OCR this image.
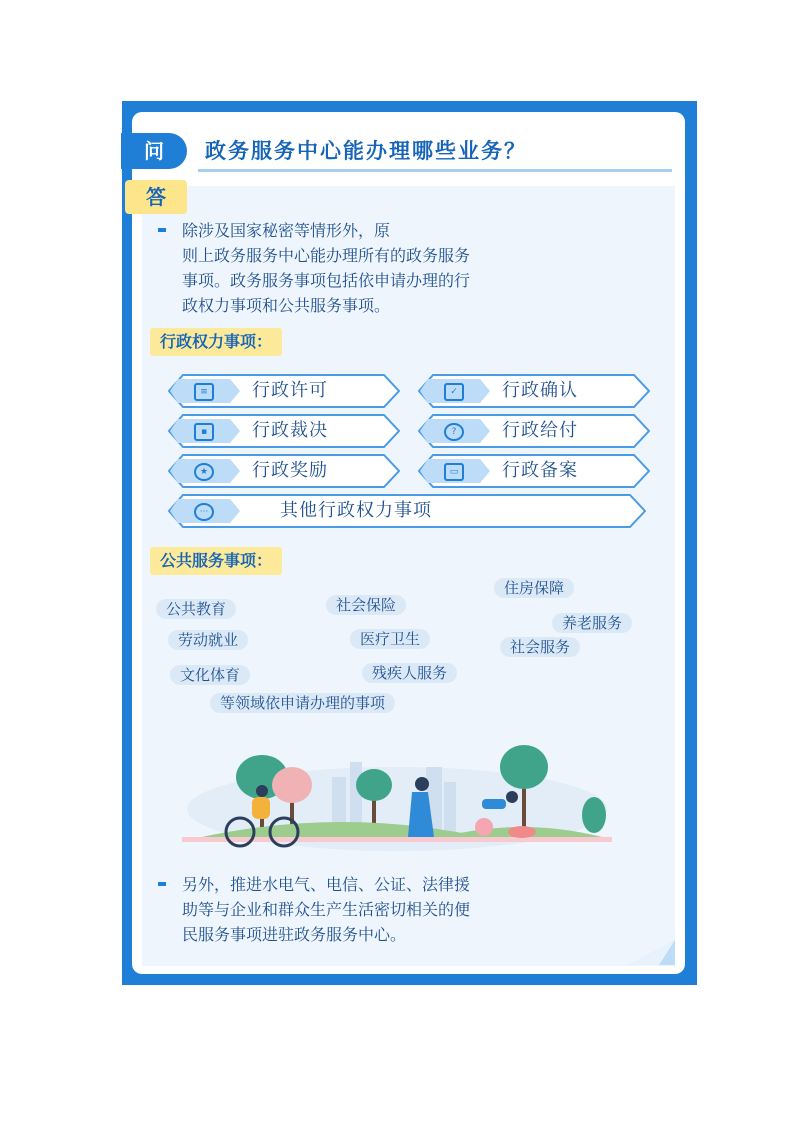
问	政务服务中心能办理哪些业务？
答
除涉及国家秘密等情形外，原
则上政务服务中心能办理所有的政务服务
事项。政务服务事项包括依申请办理的行
政权力事项和公共服务事项。
行政权力事项：
≡	行政许可	✓	行政确认
▪	行政裁决	?	行政给付
★	行政奖励	▭	行政备案
···	其他行政权力事项
公共服务事项：
住房保障
社会保险
公共教育
养老服务
劳动就业	医疗卫生	社会服务
文化体育	残疾人服务
等领域依申请办理的事项
另外，推进水电气、电信、公证、法律援
助等与企业和群众生产生活密切相关的便
民服务事项进驻政务服务中心。
